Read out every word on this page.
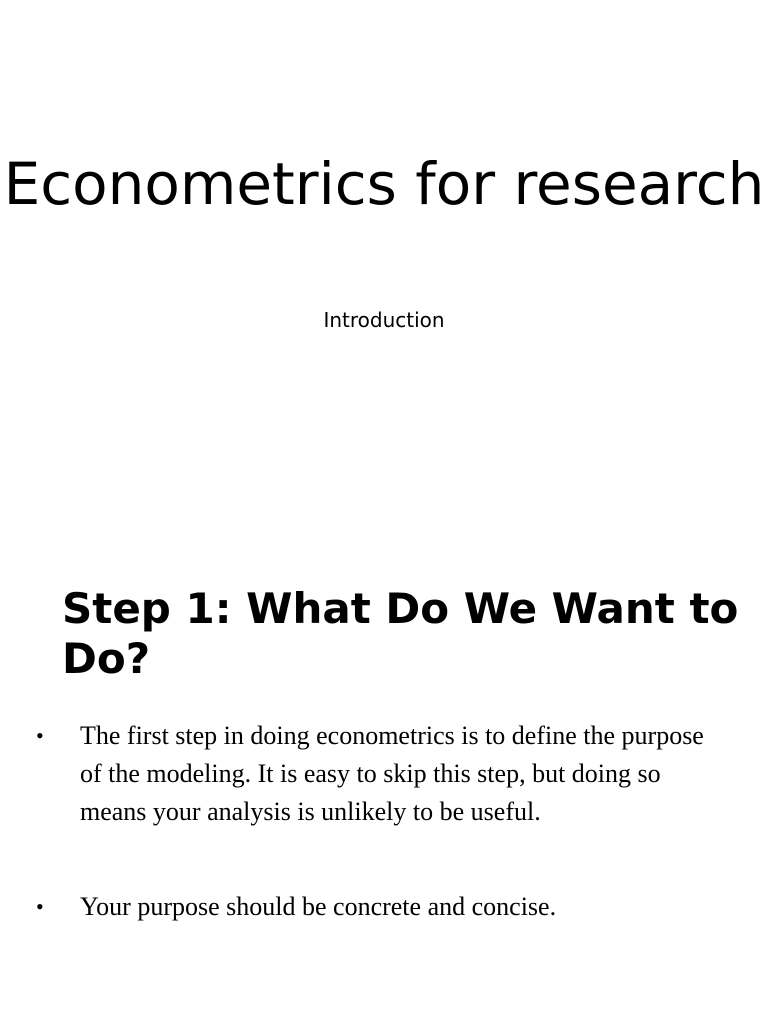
Econometrics for research

Introduction

Step 1: What Do We Want to Do?
•	The first step in doing econometrics is to define the purpose of the modeling. It is easy to skip this step, but doing so means your analysis is unlikely to be useful.
•	Your purpose should be concrete and concise.
